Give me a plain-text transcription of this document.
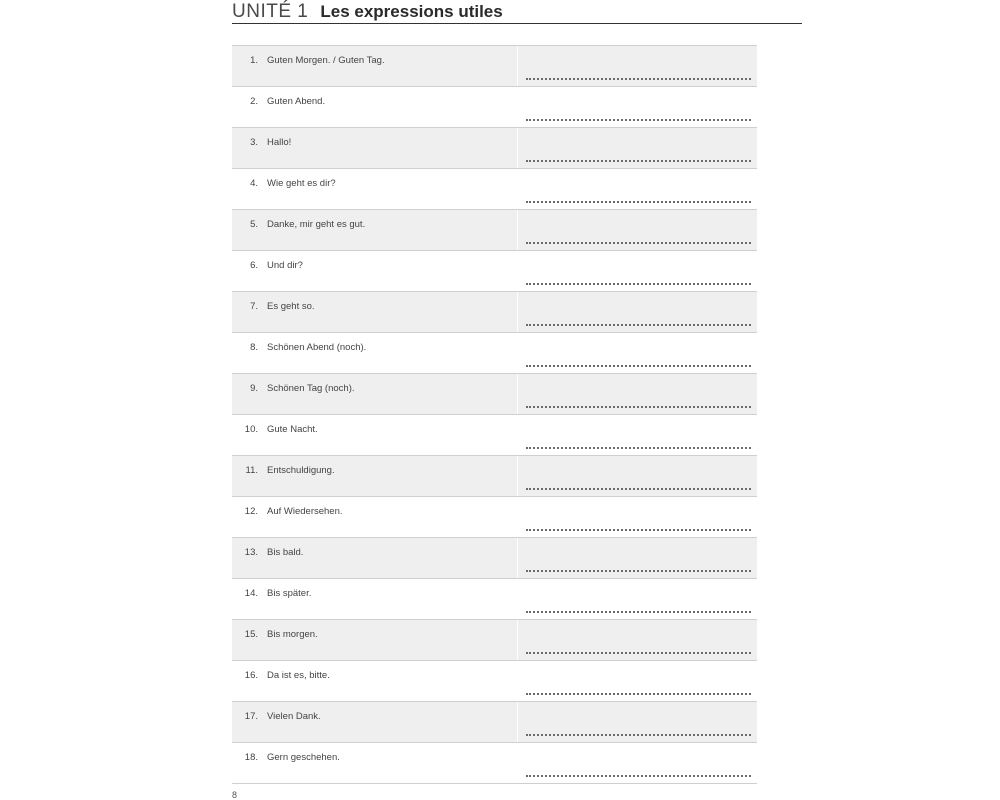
UNITÉ 1 Les expressions utiles
1. Guten Morgen. / Guten Tag.
2. Guten Abend.
3. Hallo!
4. Wie geht es dir?
5. Danke, mir geht es gut.
6. Und dir?
7. Es geht so.
8. Schönen Abend (noch).
9. Schönen Tag (noch).
10. Gute Nacht.
11. Entschuldigung.
12. Auf Wiedersehen.
13. Bis bald.
14. Bis später.
15. Bis morgen.
16. Da ist es, bitte.
17. Vielen Dank.
18. Gern geschehen.
8
